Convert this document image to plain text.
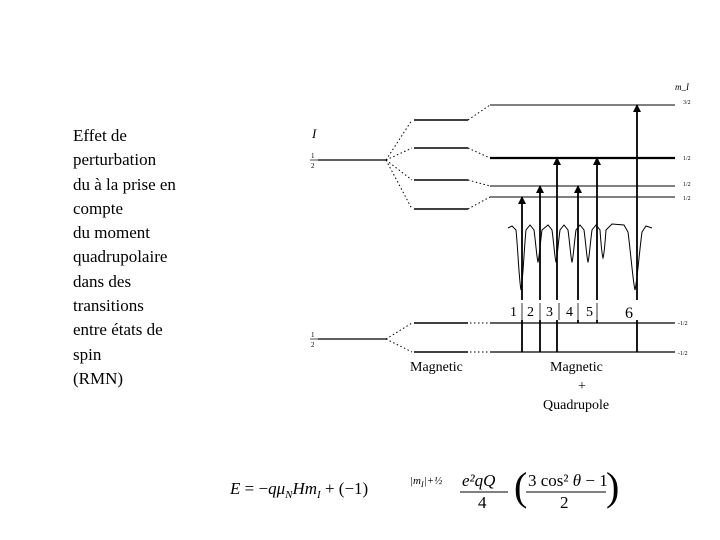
Effet de
perturbation
du à la prise en
compte
du moment
quadrupolaire
dans des
transitions
entre états de
spin
(RMN)
I
1
2
1
2
m_I
3/2
1/2
1/2
1/2
-1/2
-1/2
1 2 3 4 5 6
Magnetic	Magnetic
+
Quadrupole
$E = -q\mu_NHm_I + (-1)$	$|m_I|+\frac{1}{2}$ e²qQ
4 ( 3 cos² θ − 1
2 )
